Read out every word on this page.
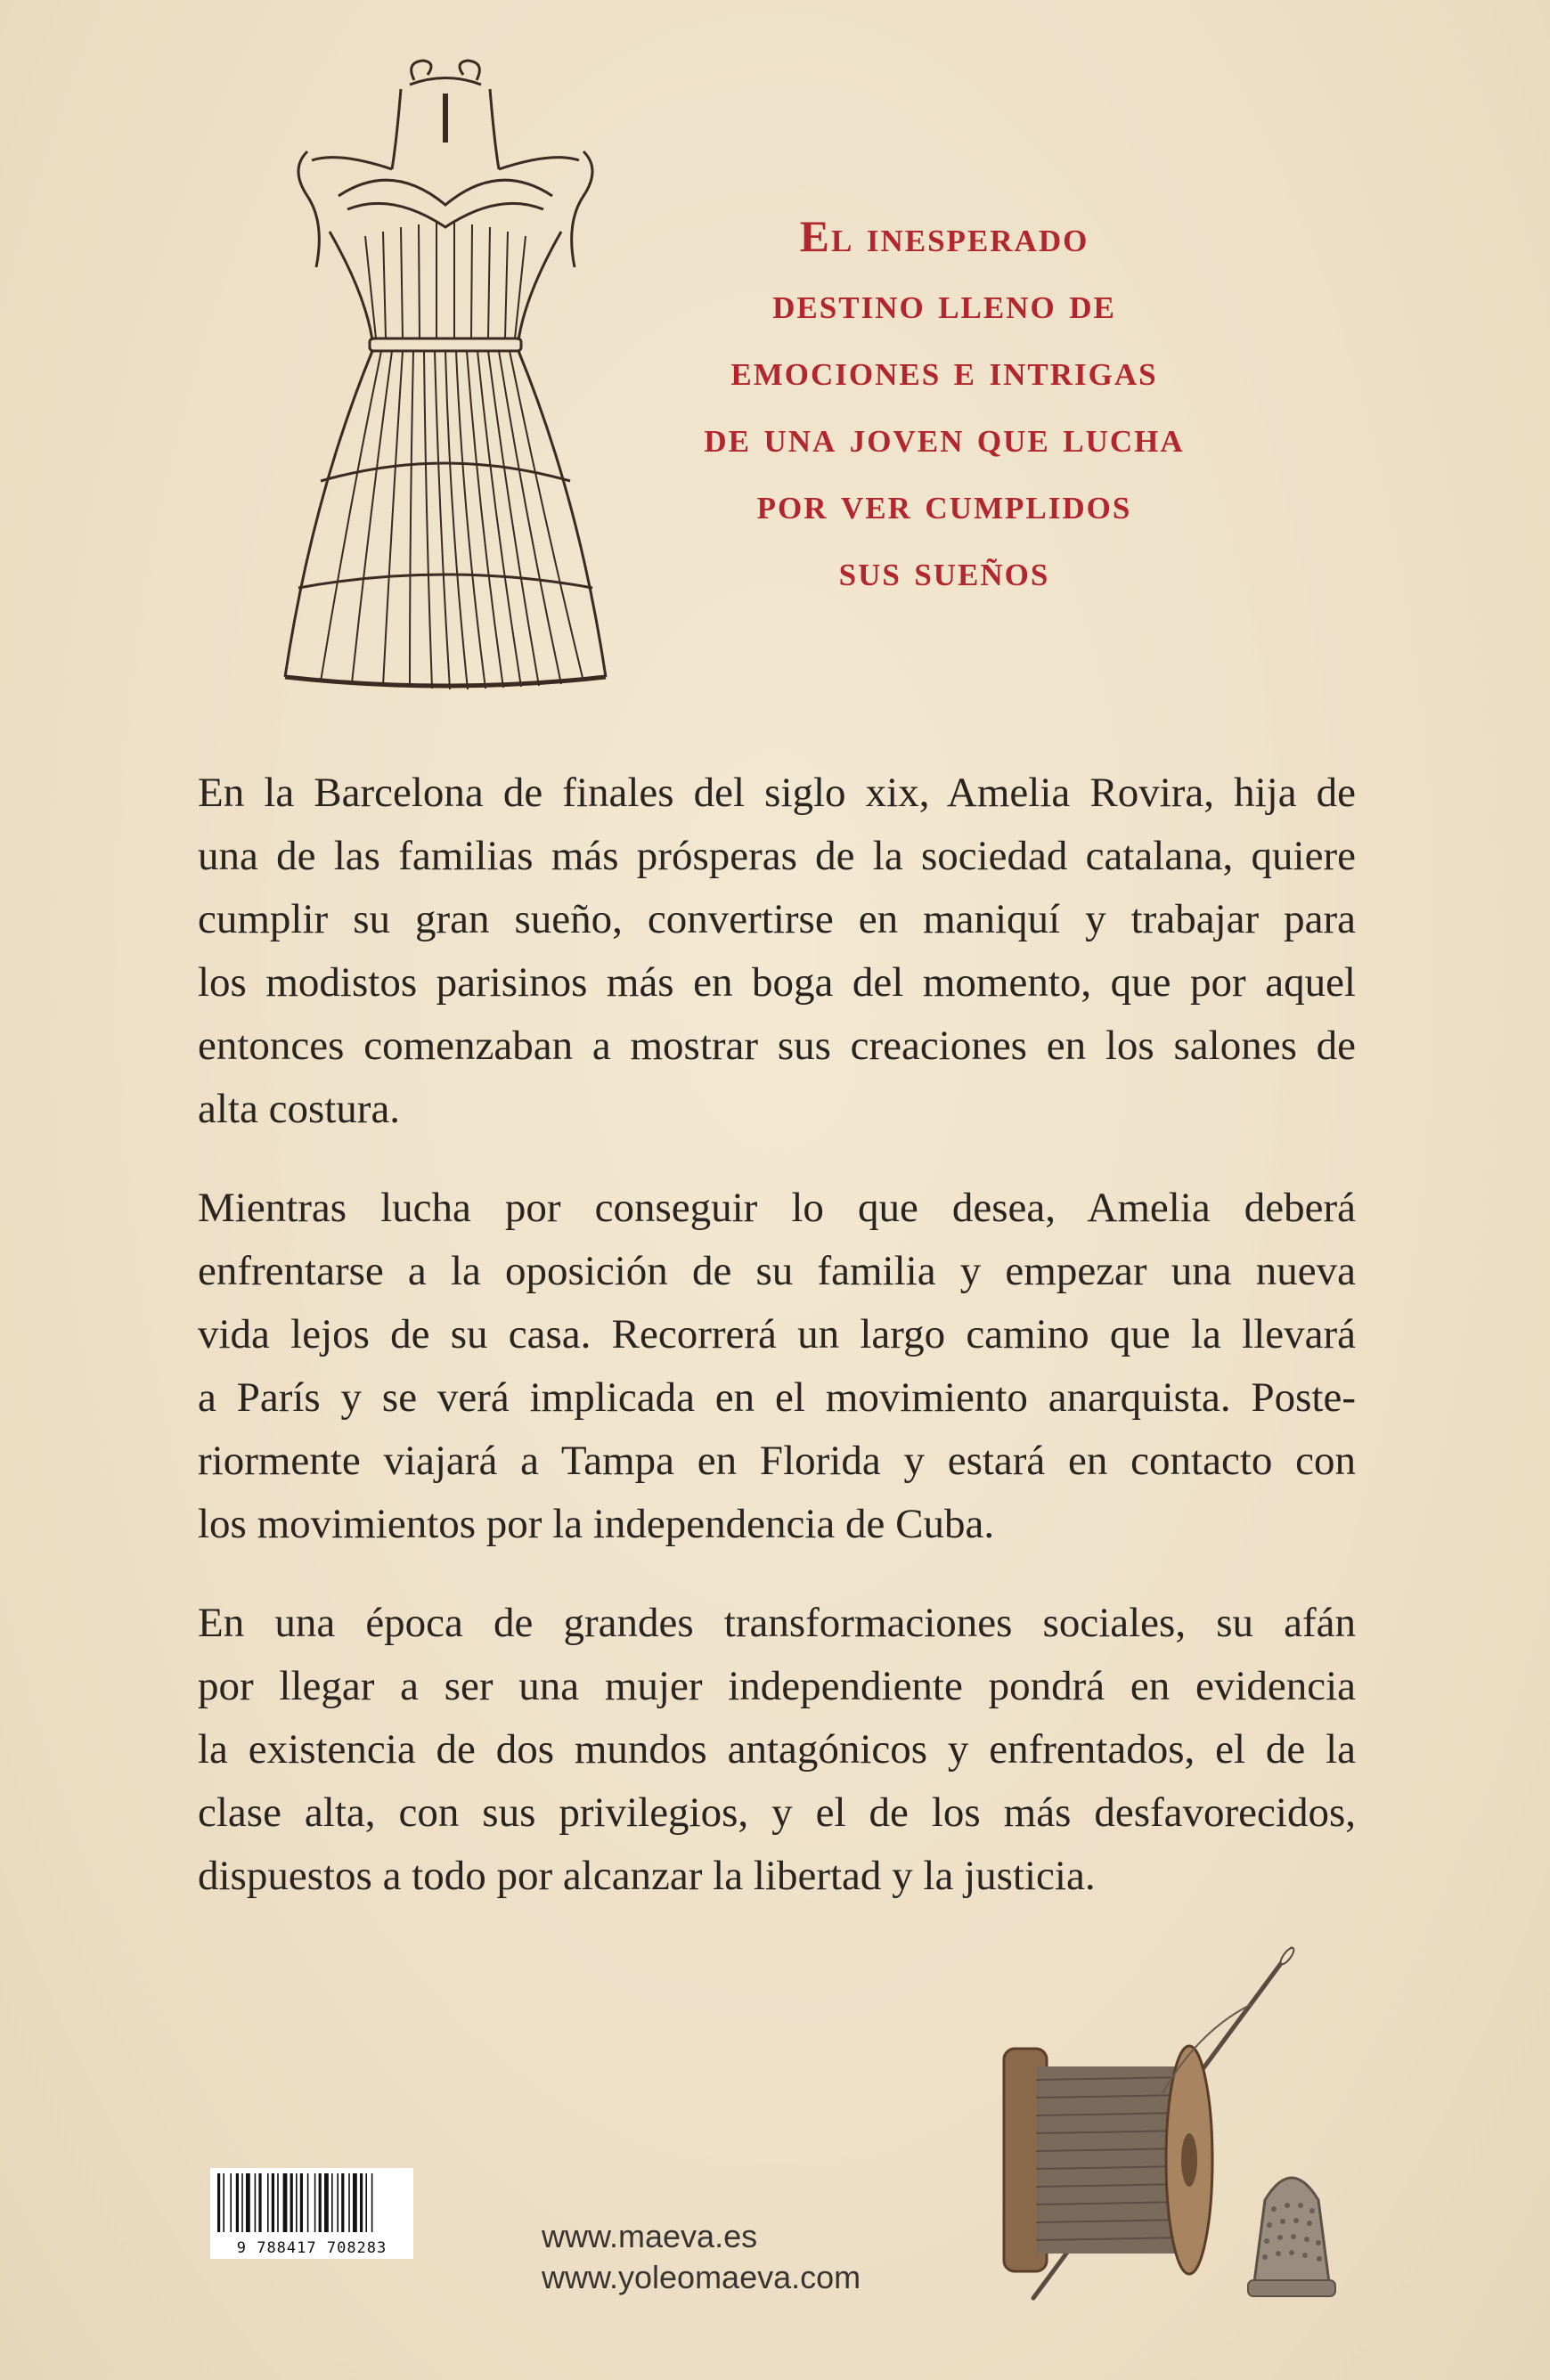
El inesperado
destino lleno de
emociones e intrigas
de una joven que lucha
por ver cumplidos
sus sueños
En la Barcelona de finales del siglo xix, Amelia Rovira, hija de
una de las familias más prósperas de la sociedad catalana, quiere
cumplir su gran sueño, convertirse en maniquí y trabajar para
los modistos parisinos más en boga del momento, que por aquel
entonces comenzaban a mostrar sus creaciones en los salones de
alta costura.
Mientras lucha por conseguir lo que desea, Amelia deberá
enfrentarse a la oposición de su familia y empezar una nueva
vida lejos de su casa. Recorrerá un largo camino que la llevará
a París y se verá implicada en el movimiento anarquista. Poste-
riormente viajará a Tampa en Florida y estará en contacto con
los movimientos por la independencia de Cuba.
En una época de grandes transformaciones sociales, su afán
por llegar a ser una mujer independiente pondrá en evidencia
la existencia de dos mundos antagónicos y enfrentados, el de la
clase alta, con sus privilegios, y el de los más desfavorecidos,
dispuestos a todo por alcanzar la libertad y la justicia.
9 788417 708283	www.maeva.es
www.yoleomaeva.com
